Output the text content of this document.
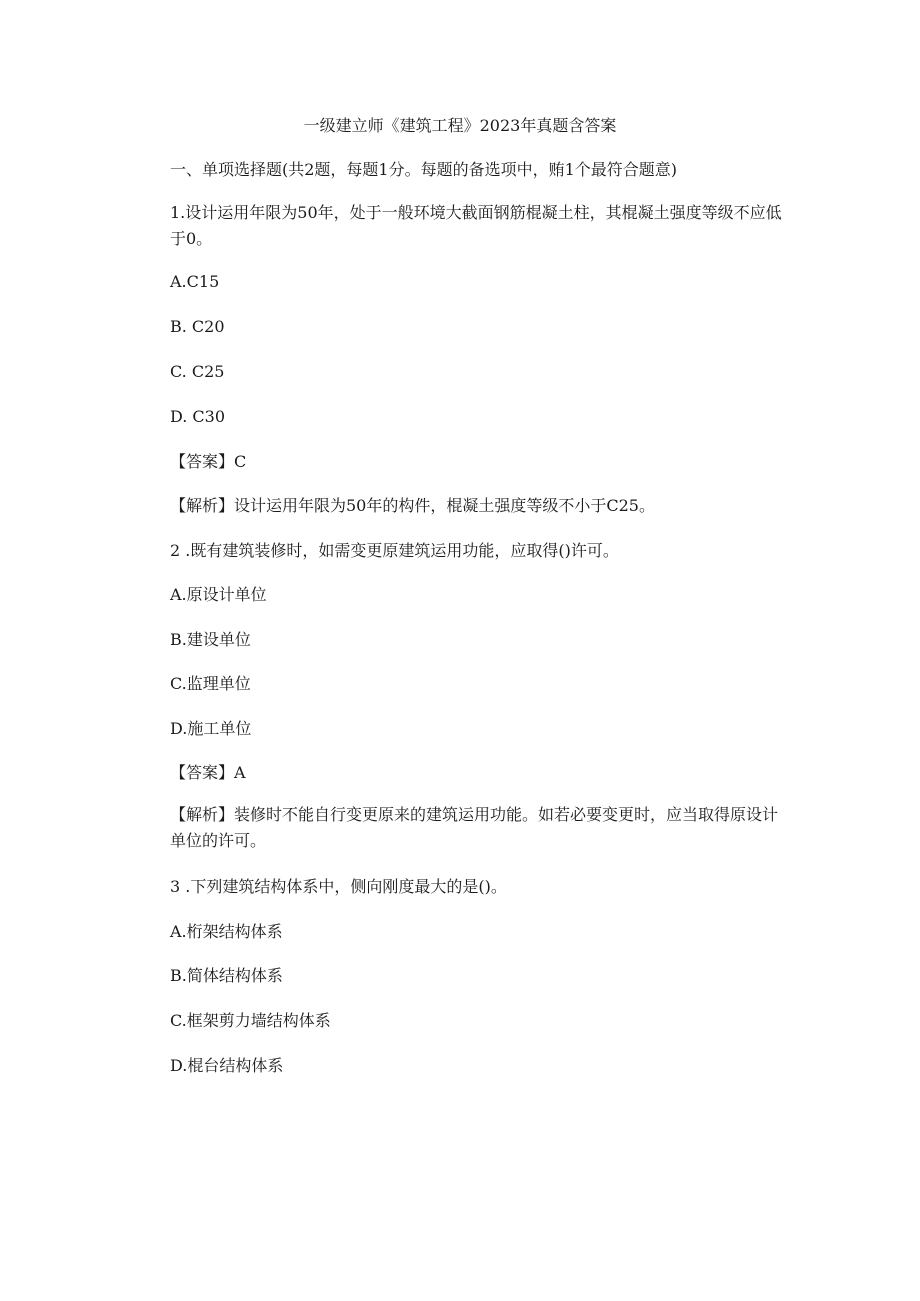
一级建立师《建筑工程》2023年真题含答案
一、单项选择题(共2题，每题1分。每题的备选项中，贿1个最符合题意)
1.设计运用年限为50年，处于一般环境大截面钢筋棍凝土柱，其棍凝土强度等级不应低于0。
A.C15
B. C20
C. C25
D. C30
【答案】C
【解析】设计运用年限为50年的构件，棍凝土强度等级不小于C25。
2 .既有建筑装修时，如需变更原建筑运用功能，应取得()许可。
A.原设计单位
B.建设单位
C.监理单位
D.施工单位
【答案】A
【解析】装修时不能自行变更原来的建筑运用功能。如若必要变更时，应当取得原设计单位的许可。
3 .下列建筑结构体系中，侧向刚度最大的是()。
A.桁架结构体系
B.简体结构体系
C.框架剪力墙结构体系
D.棍台结构体系
